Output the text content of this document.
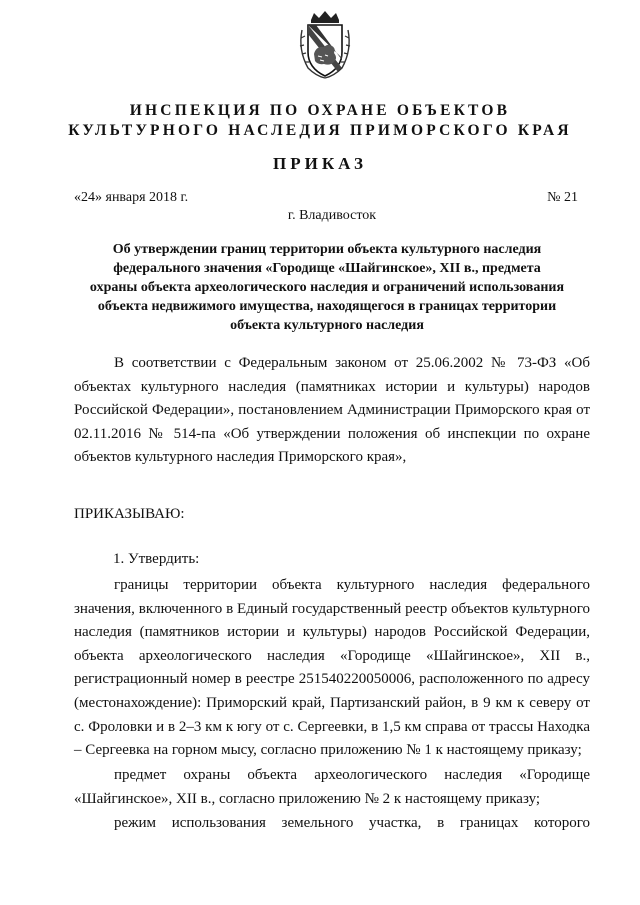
ИНСПЕКЦИЯ ПО ОХРАНЕ ОБЪЕКТОВ
КУЛЬТУРНОГО НАСЛЕДИЯ ПРИМОРСКОГО КРАЯ
ПРИКАЗ
«24» января 2018 г.	№ 21
г. Владивосток
Об утверждении границ территории объекта культурного наследия федерального значения «Городище «Шайгинское», XII в., предмета охраны объекта археологического наследия и ограничений использования объекта недвижимого имущества, находящегося в границах территории объекта культурного наследия
В соответствии с Федеральным законом от 25.06.2002 № 73-ФЗ «Об объектах культурного наследия (памятниках истории и культуры) народов Российской Федерации», постановлением Администрации Приморского края от 02.11.2016 № 514-па «Об утверждении положения об инспекции по охране объектов культурного наследия Приморского края»,
ПРИКАЗЫВАЮ:
1. Утвердить:
границы территории объекта культурного наследия федерального значения, включенного в Единый государственный реестр объектов культурного наследия (памятников истории и культуры) народов Российской Федерации, объекта археологического наследия «Городище «Шайгинское», XII в., регистрационный номер в реестре 251540220050006, расположенного по адресу (местонахождение): Приморский край, Партизанский район, в 9 км к северу от с. Фроловки и в 2–3 км к югу от с. Сергеевки, в 1,5 км справа от трассы Находка – Сергеевка на горном мысу, согласно приложению № 1 к настоящему приказу;
предмет охраны объекта археологического наследия «Городище «Шайгинское», XII в., согласно приложению № 2 к настоящему приказу;
режим использования земельного участка, в границах которого
